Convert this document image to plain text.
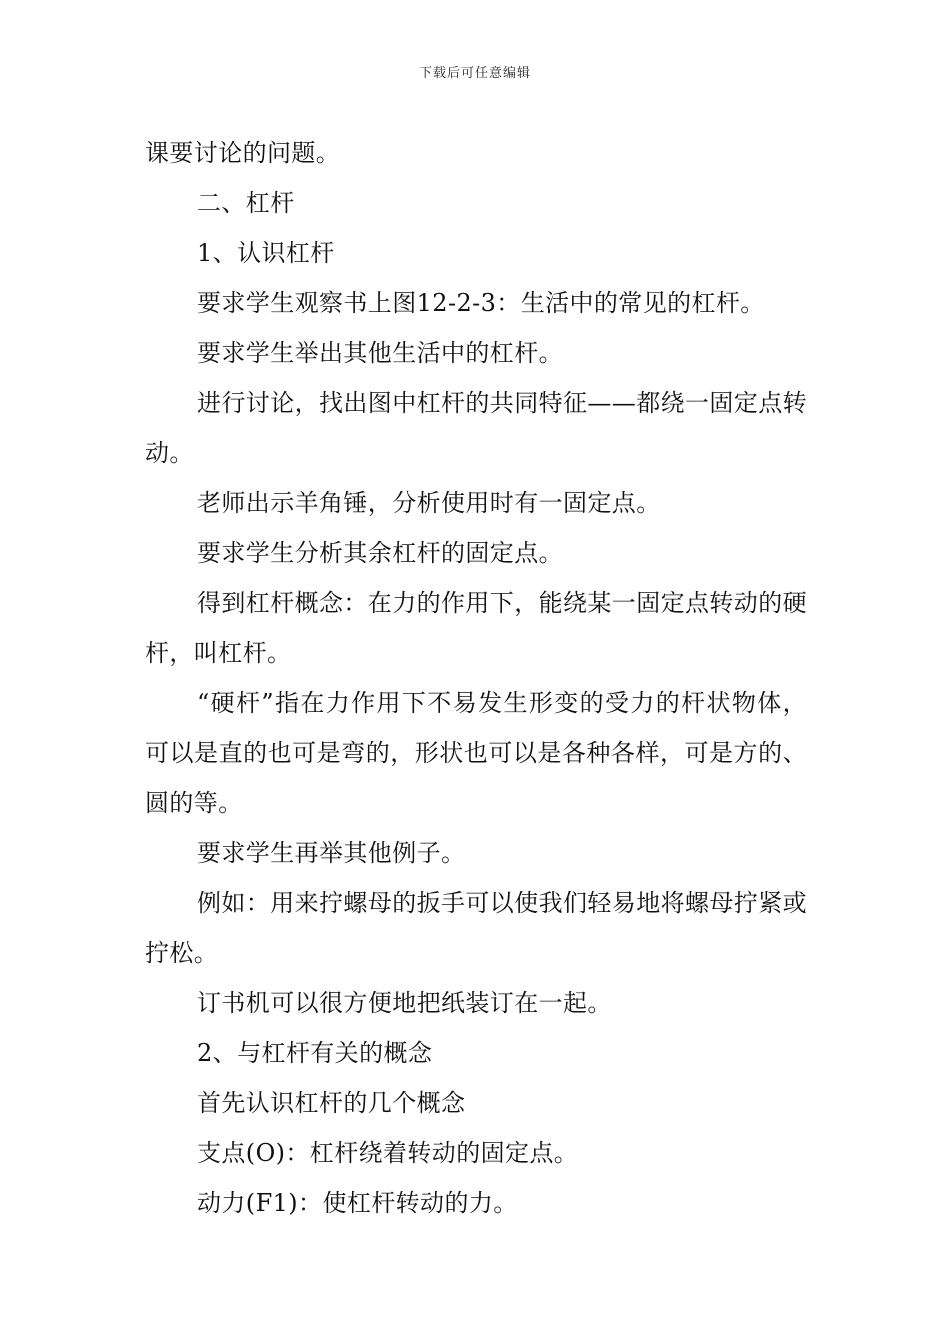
下载后可任意编辑

课要讨论的问题。

二、杠杆

1、认识杠杆

要求学生观察书上图12-2-3：生活中的常见的杠杆。

要求学生举出其他生活中的杠杆。

进行讨论，找出图中杠杆的共同特征——都绕一固定点转动。

老师出示羊角锤，分析使用时有一固定点。

要求学生分析其余杠杆的固定点。

得到杠杆概念：在力的作用下，能绕某一固定点转动的硬杆，叫杠杆。

“硬杆”指在力作用下不易发生形变的受力的杆状物体，可以是直的也可是弯的，形状也可以是各种各样，可是方的、圆的等。

要求学生再举其他例子。

例如：用来拧螺母的扳手可以使我们轻易地将螺母拧紧或拧松。

订书机可以很方便地把纸装订在一起。

2、与杠杆有关的概念

首先认识杠杆的几个概念

支点(O)：杠杆绕着转动的固定点。

动力(F1)：使杠杆转动的力。
